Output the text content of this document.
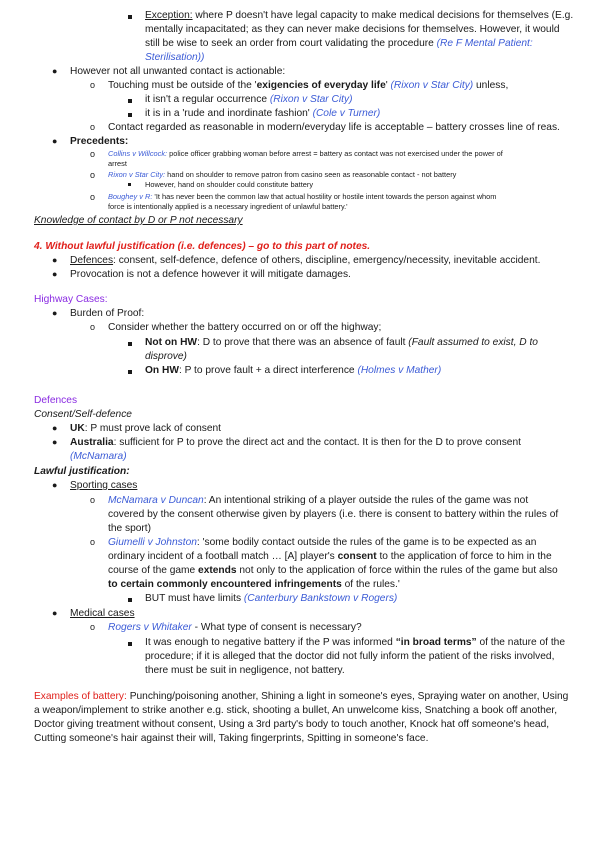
Exception: where P doesn't have legal capacity to make medical decisions for themselves (E.g.
mentally incapacitated; as they can never make decisions for themselves. However, it would
still be wise to seek an order from court validating the procedure (Re F Mental Patient:
Sterilisation))
● However not all unwanted contact is actionable:
o Touching must be outside of the 'exigencies of everyday life' (Rixon v Star City) unless,
it isn't a regular occurrence (Rixon v Star City)
it is in a 'rude and inordinate fashion' (Cole v Turner)
o Contact regarded as reasonable in modern/everyday life is acceptable – battery crosses line of reas.
● Precedents:
o Collins v Willcock: police officer grabbing woman before arrest = battery as contact was not exercised under the power of
arrest
o Rixon v Star City: hand on shoulder to remove patron from casino seen as reasonable contact - not battery
However, hand on shoulder could constitute battery
o Boughey v R: 'It has never been the common law that actual hostility or hostile intent towards the person against whom
force is intentionally applied is a necessary ingredient of unlawful battery.'
Knowledge of contact by D or P not necessary
4. Without lawful justification (i.e. defences) – go to this part of notes.
● Defences: consent, self-defence, defence of others, discipline, emergency/necessity, inevitable accident.
● Provocation is not a defence however it will mitigate damages.
Highway Cases:
● Burden of Proof:
o Consider whether the battery occurred on or off the highway;
Not on HW: D to prove that there was an absence of fault (Fault assumed to exist, D to
disprove)
On HW: P to prove fault + a direct interference (Holmes v Mather)
Defences
Consent/Self-defence
● UK: P must prove lack of consent
● Australia: sufficient for P to prove the direct act and the contact. It is then for the D to prove consent
(McNamara)
Lawful justification:
● Sporting cases
o McNamara v Duncan: An intentional striking of a player outside the rules of the game was not
covered by the consent otherwise given by players (i.e. there is consent to battery within the rules of
the sport)
o Giumelli v Johnston: 'some bodily contact outside the rules of the game is to be expected as an
ordinary incident of a football match … [A] player's consent to the application of force to him in the
course of the game extends not only to the application of force within the rules of the game but also
to certain commonly encountered infringements of the rules.'
BUT must have limits (Canterbury Bankstown v Rogers)
● Medical cases
o Rogers v Whitaker - What type of consent is necessary?
It was enough to negative battery if the P was informed “in broad terms” of the nature of the
procedure; if it is alleged that the doctor did not fully inform the patient of the risks involved,
there must be suit in negligence, not battery.
Examples of battery: Punching/poisoning another, Shining a light in someone's eyes, Spraying water on another, Using
a weapon/implement to strike another e.g. stick, shooting a bullet, An unwelcome kiss, Snatching a book off another,
Doctor giving treatment without consent, Using a 3rd party's body to touch another, Knock hat off someone's head,
Cutting someone's hair against their will, Taking fingerprints, Spitting in someone's face.
